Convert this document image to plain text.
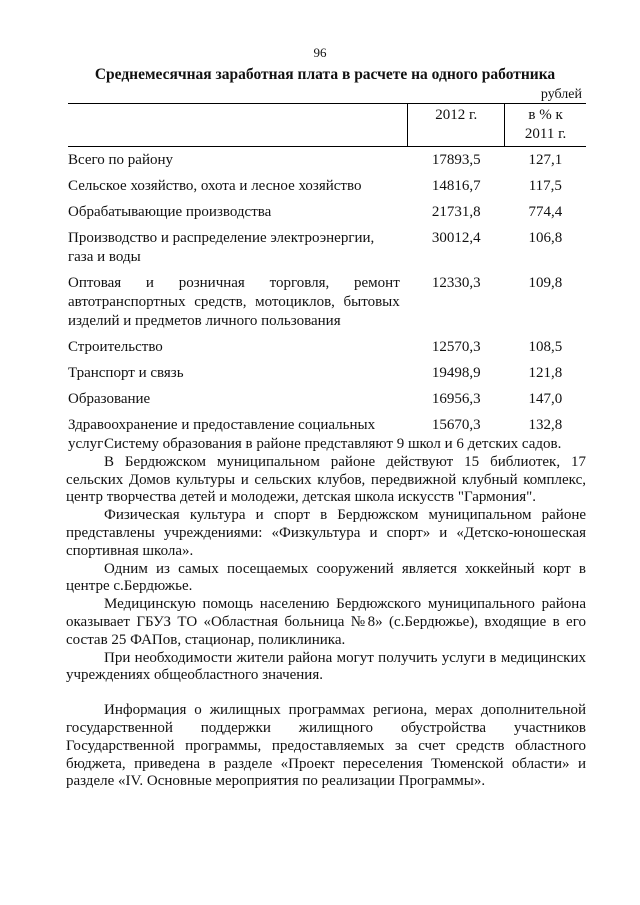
96
Среднемесячная заработная плата в расчете на одного работника
рублей
	2012 г.	в % к
2011 г.

Всего по району	17893,5	127,1
Сельское хозяйство, охота и лесное хозяйство	14816,7	117,5
Обрабатывающие производства	21731,8	774,4
Производство и распределение электроэнергии, газа и воды	30012,4	106,8
Оптовая и розничная торговля, ремонт автотранспортных средств, мотоциклов, бытовых изделий и предметов личного пользования	12330,3	109,8
Строительство	12570,3	108,5
Транспорт и связь	19498,9	121,8
Образование	16956,3	147,0
Здравоохранение и предоставление социальных услуг	15670,3	132,8

Систему образования в районе представляют 9 школ и 6 детских садов.

В Бердюжском муниципальном районе действуют 15 библиотек, 17 сельских Домов культуры и сельских клубов, передвижной клубный комплекс, центр творчества детей и молодежи, детская школа искусств "Гармония".

Физическая культура и спорт в Бердюжском муниципальном районе представлены учреждениями: «Физкультура и спорт» и «Детско-юношеская спортивная школа».

Одним из самых посещаемых сооружений является хоккейный корт в центре с.Бердюжье.

Медицинскую помощь населению Бердюжского муниципального района оказывает ГБУЗ ТО «Областная больница №8» (с.Бердюжье), входящие в его состав 25 ФАПов, стационар, поликлиника.

При необходимости жители района могут получить услуги в медицинских учреждениях общеобластного значения.

Информация о жилищных программах региона, мерах дополнительной государственной поддержки жилищного обустройства участников Государственной программы, предоставляемых за счет средств областного бюджета, приведена в разделе «Проект переселения Тюменской области» и разделе «IV. Основные мероприятия по реализации Программы».
